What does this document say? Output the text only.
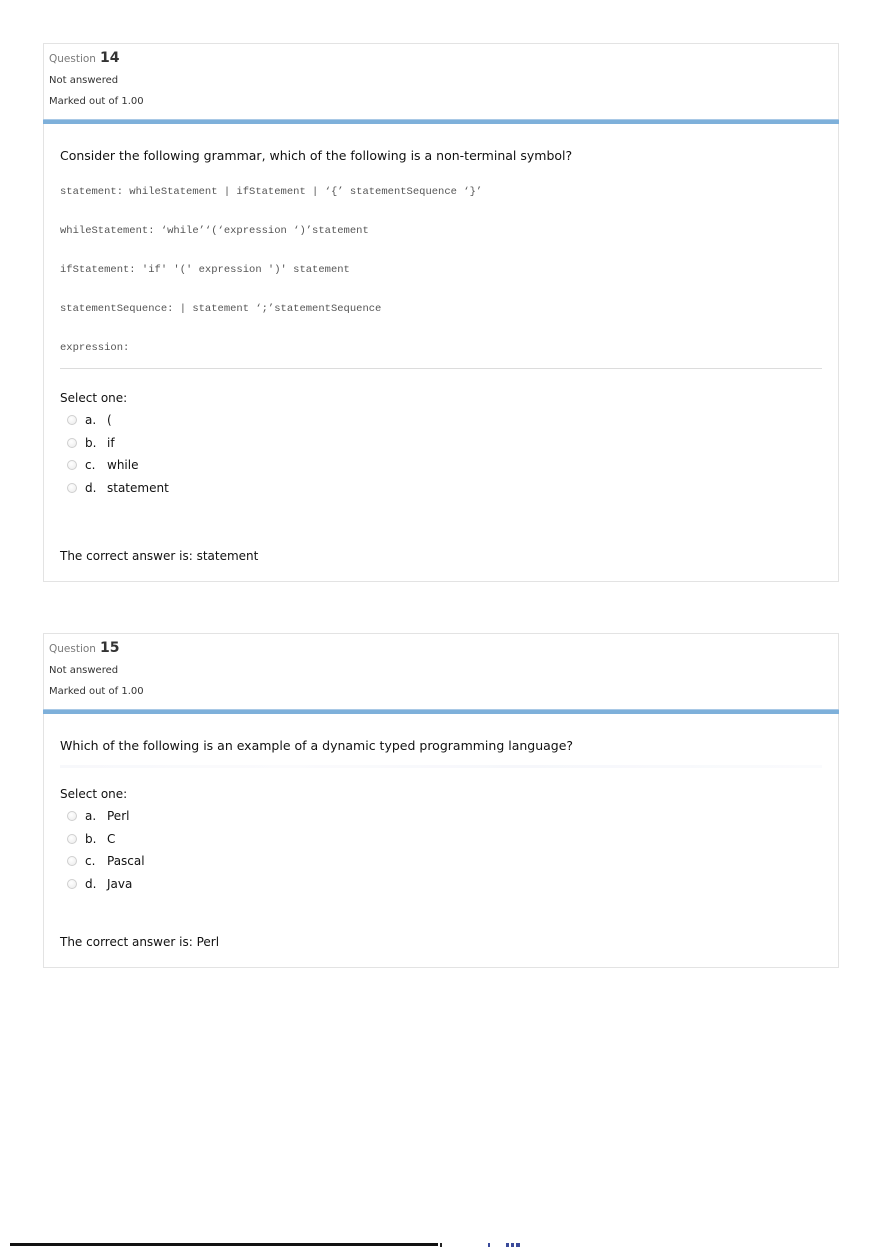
Question 14
Not answered
Marked out of 1.00
Consider the following grammar, which of the following is a non-terminal symbol?
statement: whileStatement | ifStatement | ‘{’ statementSequence ‘}’
whileStatement: ‘while’‘(‘expression ‘)’statement
ifStatement: 'if' '(' expression ')' statement
statementSequence: | statement ‘;’statementSequence
expression:
Select one:
a. (
b. if
c. while
d. statement
The correct answer is: statement
Question 15
Not answered
Marked out of 1.00
Which of the following is an example of a dynamic typed programming language?
Select one:
a. Perl
b. C
c. Pascal
d. Java
The correct answer is: Perl
